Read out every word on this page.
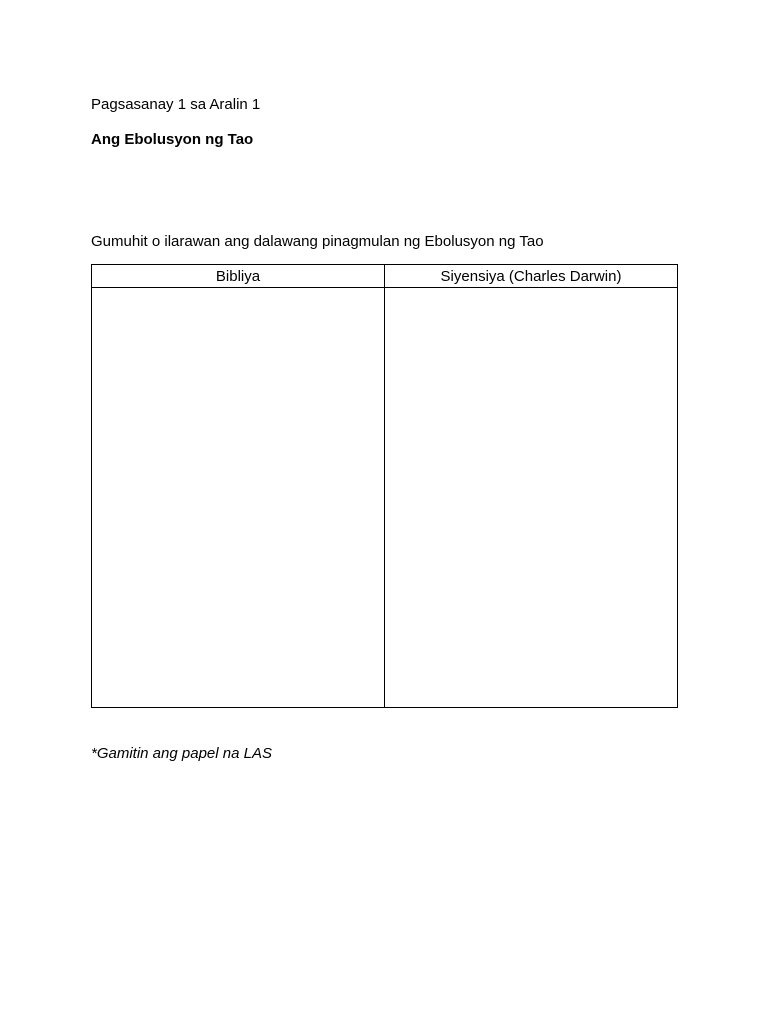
Pagsasanay 1 sa Aralin 1
Ang Ebolusyon ng Tao
Gumuhit o ilarawan ang dalawang pinagmulan ng Ebolusyon ng Tao
Bibliya	Siyensiya (Charles Darwin)

*Gamitin ang papel na LAS
